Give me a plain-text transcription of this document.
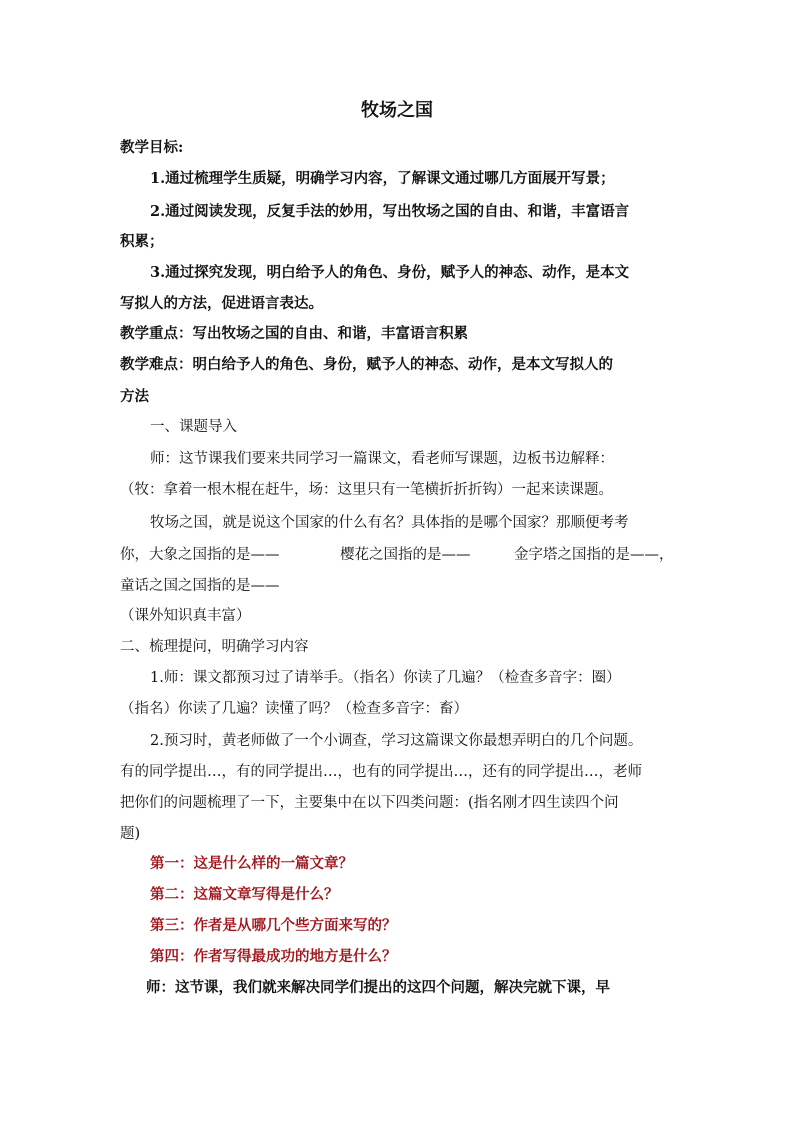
牧场之国
教学目标:
1.通过梳理学生质疑，明确学习内容，了解课文通过哪几方面展开写景；
2.通过阅读发现，反复手法的妙用，写出牧场之国的自由、和谐，丰富语言
积累；
3.通过探究发现，明白给予人的角色、身份，赋予人的神态、动作，是本文
写拟人的方法，促进语言表达。
教学重点：写出牧场之国的自由、和谐，丰富语言积累
教学难点：明白给予人的角色、身份，赋予人的神态、动作，是本文写拟人的
方法
一、课题导入
师：这节课我们要来共同学习一篇课文，看老师写课题，边板书边解释：
（牧：拿着一根木棍在赶牛，场：这里只有一笔横折折折钩）一起来读课题。
牧场之国，就是说这个国家的什么有名？具体指的是哪个国家？那顺便考考
你，大象之国指的是——	樱花之国指的是——	金字塔之国指的是——，
童话之国之国指的是——
（课外知识真丰富）
二、梳理提问，明确学习内容
1.师：课文都预习过了请举手。（指名）你读了几遍？（检查多音字：圈）
（指名）你读了几遍？读懂了吗？（检查多音字：畜）
2.预习时，黄老师做了一个小调查，学习这篇课文你最想弄明白的几个问题。
有的同学提出…，有的同学提出…，也有的同学提出…，还有的同学提出…，老师
把你们的问题梳理了一下，主要集中在以下四类问题：(指名刚才四生读四个问
题)
第一：这是什么样的一篇文章？
第二：这篇文章写得是什么？
第三：作者是从哪几个些方面来写的？
第四：作者写得最成功的地方是什么？
师：这节课，我们就来解决同学们提出的这四个问题，解决完就下课，早
